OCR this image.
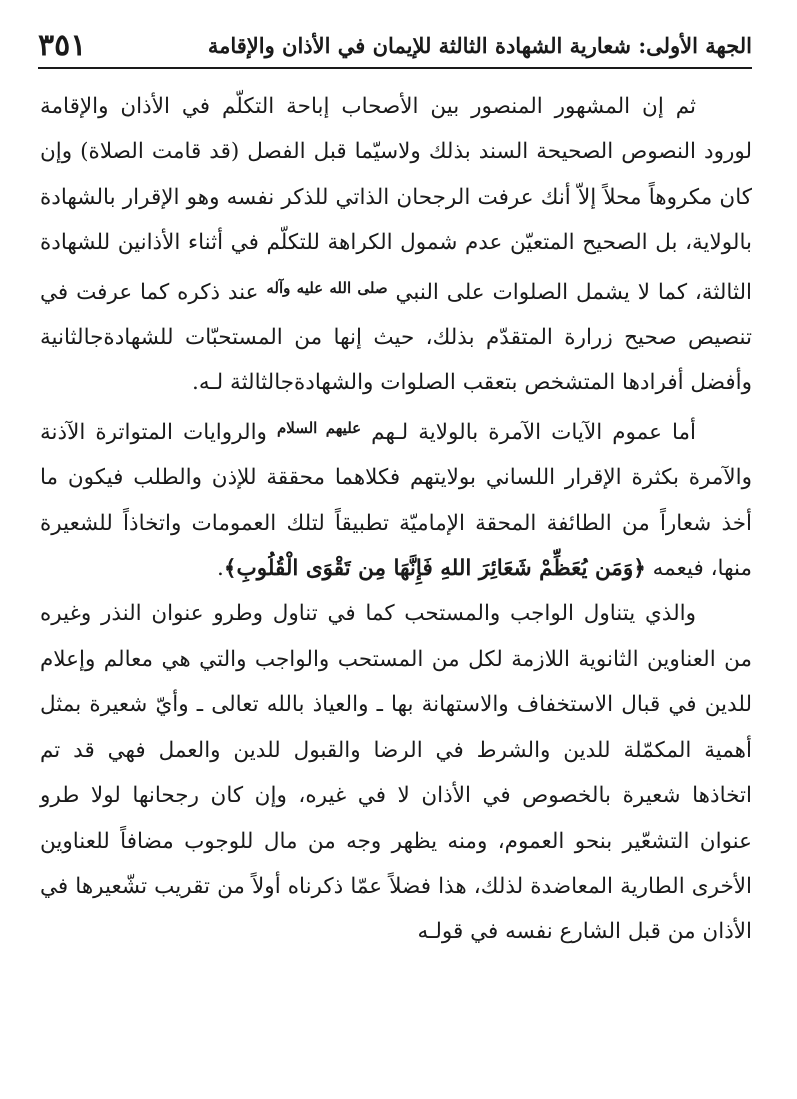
الجهة الأولى: شعارية الشهادة الثالثة للإيمان في الأذان والإقامة
٣٥١

ثم إن المشهور المنصور بين الأصحاب إباحة التكلّم في الأذان والإقامة لورود النصوص الصحيحة السند بذلك ولاسيّما قبل الفصل (قد قامت الصلاة) وإن كان مكروهاً محلاً إلاّ أنك عرفت الرجحان الذاتي للذكر نفسه وهو الإقرار بالشهادة بالولاية، بل الصحيح المتعيّن عدم شمول الكراهة للتكلّم في أثناء الأذانين للشهادة الثالثة، كما لا يشمل الصلوات على النبي $^{صلى الله عليه وآله}$ عند ذكره كما عرفت في تنصيص صحيح زرارة المتقدّم بذلك، حيث إنها من المستحبّات للشهادةجالثانية وأفضل أفرادها المتشخص بتعقب الصلوات والشهادةجالثالثة لـه.

أما عموم الآيات الآمرة بالولاية لـهم $^{عليهم السلام}$ والروايات المتواترة الآذنة والآمرة بكثرة الإقرار اللساني بولايتهم فكلاهما محققة للإذن والطلب فيكون ما أخذ شعاراً من الطائفة المحقة الإماميّة تطبيقاً لتلك العمومات واتخاذاً للشعيرة منها، فيعمه ﴿وَمَن يُعَظِّمْ شَعَائِرَ اللهِ فَإِنَّهَا مِن تَقْوَى الْقُلُوبِ﴾.

والذي يتناول الواجب والمستحب كما في تناول وطرو عنوان النذر وغيره من العناوين الثانوية اللازمة لكل من المستحب والواجب والتي هي معالم وإعلام للدين في قبال الاستخفاف والاستهانة بها ـ والعياذ بالله تعالى ـ وأيّ شعيرة بمثل أهمية المكمّلة للدين والشرط في الرضا والقبول للدين والعمل فهي قد تم اتخاذها شعيرة بالخصوص في الأذان لا في غيره، وإن كان رجحانها لولا طرو عنوان التشعّير بنحو العموم، ومنه يظهر وجه من مال للوجوب مضافاً للعناوين الأخرى الطارية المعاضدة لذلك، هذا فضلاً عمّا ذكرناه أولاً من تقريب تشّعيرها في الأذان من قبل الشارع نفسه في قولـه
